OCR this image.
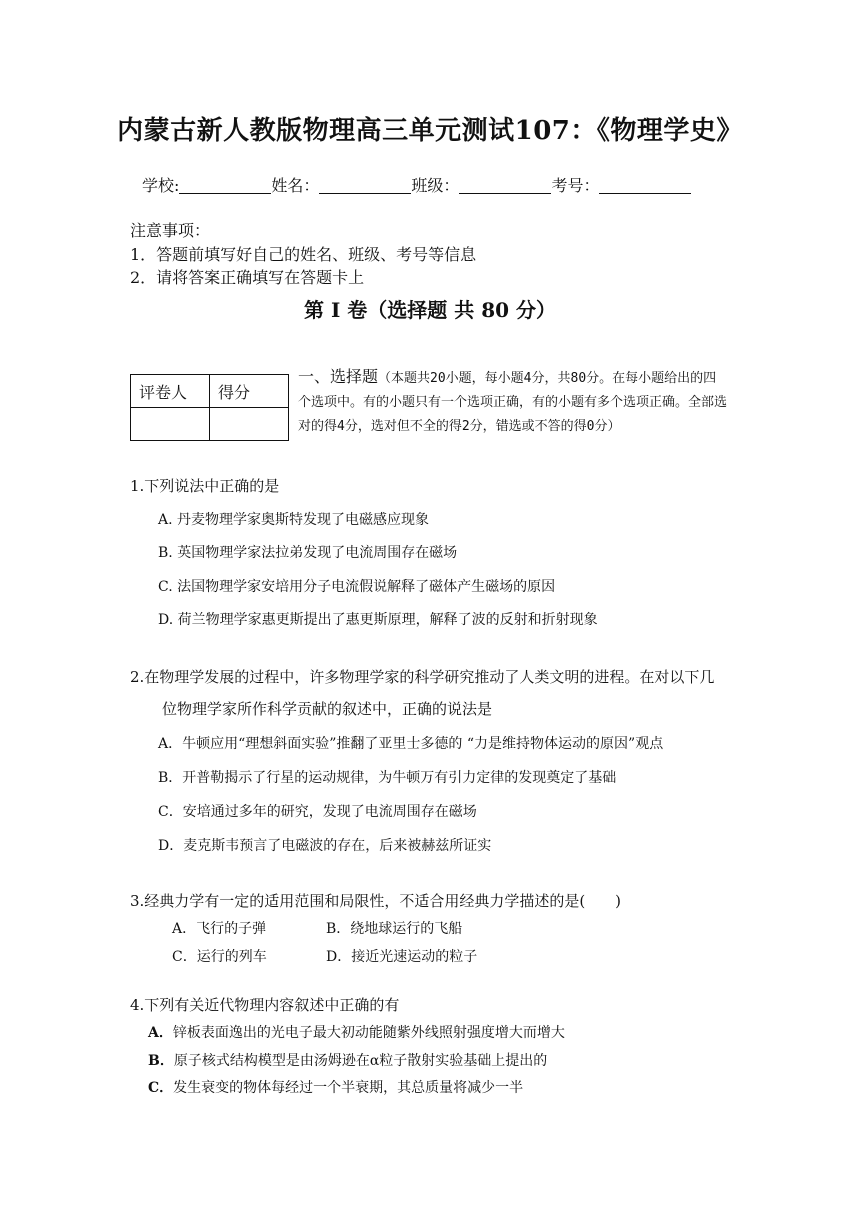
内蒙古新人教版物理高三单元测试107：《物理学史》
学校:	姓名：	班级：	考号：
注意事项：
1．答题前填写好自己的姓名、班级、考号等信息
2．请将答案正确填写在答题卡上
第 I 卷（选择题 共 80 分）
评卷人	得分

一、选择题（本题共20小题，每小题4分，共80分。在每小题给出的四个选项中。有的小题只有一个选项正确，有的小题有多个选项正确。全部选对的得4分，选对但不全的得2分，错选或不答的得0分）
1.下列说法中正确的是
A. 丹麦物理学家奥斯特发现了电磁感应现象
B. 英国物理学家法拉弟发现了电流周围存在磁场
C. 法国物理学家安培用分子电流假说解释了磁体产生磁场的原因
D. 荷兰物理学家惠更斯提出了惠更斯原理，解释了波的反射和折射现象
2.在物理学发展的过程中，许多物理学家的科学研究推动了人类文明的进程。在对以下几
位物理学家所作科学贡献的叙述中，正确的说法是
A．牛顿应用“理想斜面实验”推翻了亚里士多德的 “力是维持物体运动的原因”观点
B．开普勒揭示了行星的运动规律，为牛顿万有引力定律的发现奠定了基础
C．安培通过多年的研究，发现了电流周围存在磁场
D．麦克斯韦预言了电磁波的存在，后来被赫兹所证实
3.经典力学有一定的适用范围和局限性，不适合用经典力学描述的是(　　)
A．飞行的子弹	B．绕地球运行的飞船
C．运行的列车	D．接近光速运动的粒子
4.下列有关近代物理内容叙述中正确的有
A．锌板表面逸出的光电子最大初动能随紫外线照射强度增大而增大
B．原子核式结构模型是由汤姆逊在α粒子散射实验基础上提出的
C．发生衰变的物体每经过一个半衰期，其总质量将减少一半
